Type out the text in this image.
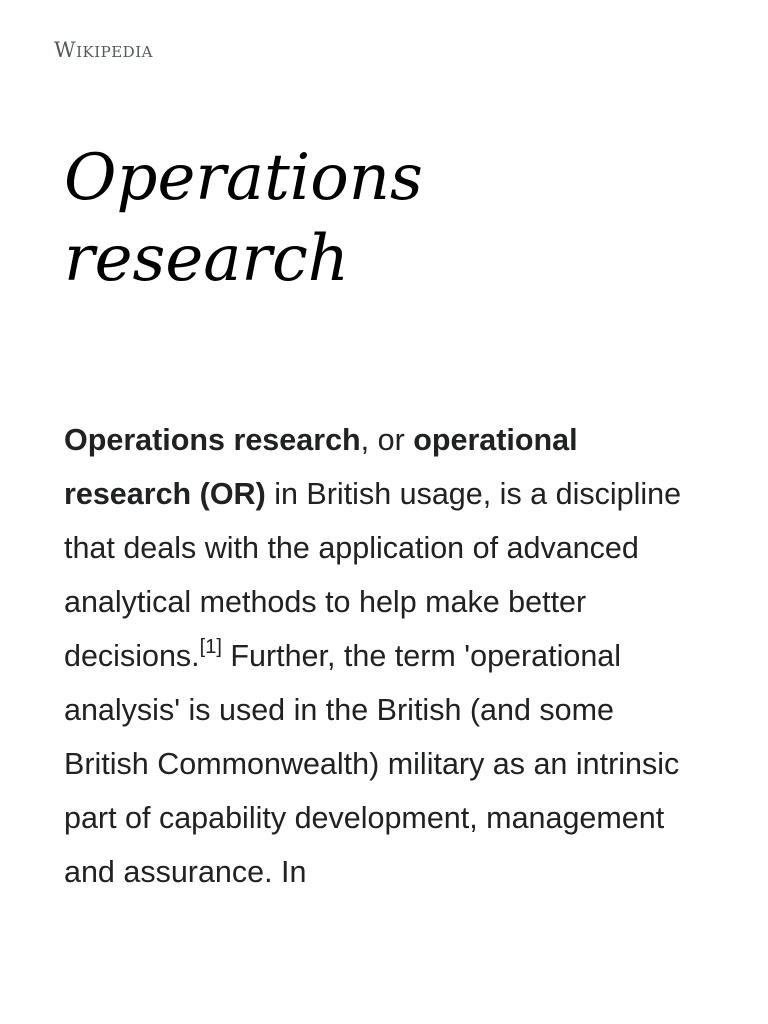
Wikipedia
Operations research

Operations research, or operational research (OR) in British usage, is a discipline that deals with the application of advanced analytical methods to help make better decisions.[1] Further, the term 'operational analysis' is used in the British (and some British Commonwealth) military as an intrinsic part of capability development, management and assurance. In
